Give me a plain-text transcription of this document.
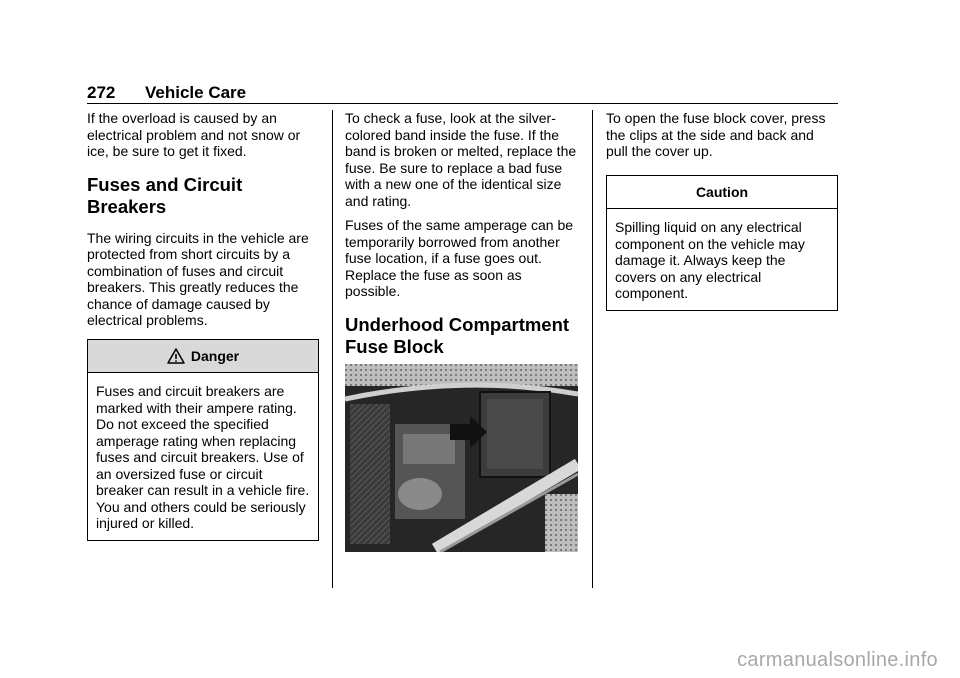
272 Vehicle Care

If the overload is caused by an electrical problem and not snow or ice, be sure to get it fixed.

Fuses and Circuit Breakers

The wiring circuits in the vehicle are protected from short circuits by a combination of fuses and circuit breakers. This greatly reduces the chance of damage caused by electrical problems.

Danger
Fuses and circuit breakers are marked with their ampere rating. Do not exceed the specified amperage rating when replacing fuses and circuit breakers. Use of an oversized fuse or circuit breaker can result in a vehicle fire. You and others could be seriously injured or killed.

To check a fuse, look at the silver-colored band inside the fuse. If the band is broken or melted, replace the fuse. Be sure to replace a bad fuse with a new one of the identical size and rating.

Fuses of the same amperage can be temporarily borrowed from another fuse location, if a fuse goes out. Replace the fuse as soon as possible.

Underhood Compartment Fuse Block

To open the fuse block cover, press the clips at the side and back and pull the cover up.

Caution
Spilling liquid on any electrical component on the vehicle may damage it. Always keep the covers on any electrical component.
carmanualsonline.info
